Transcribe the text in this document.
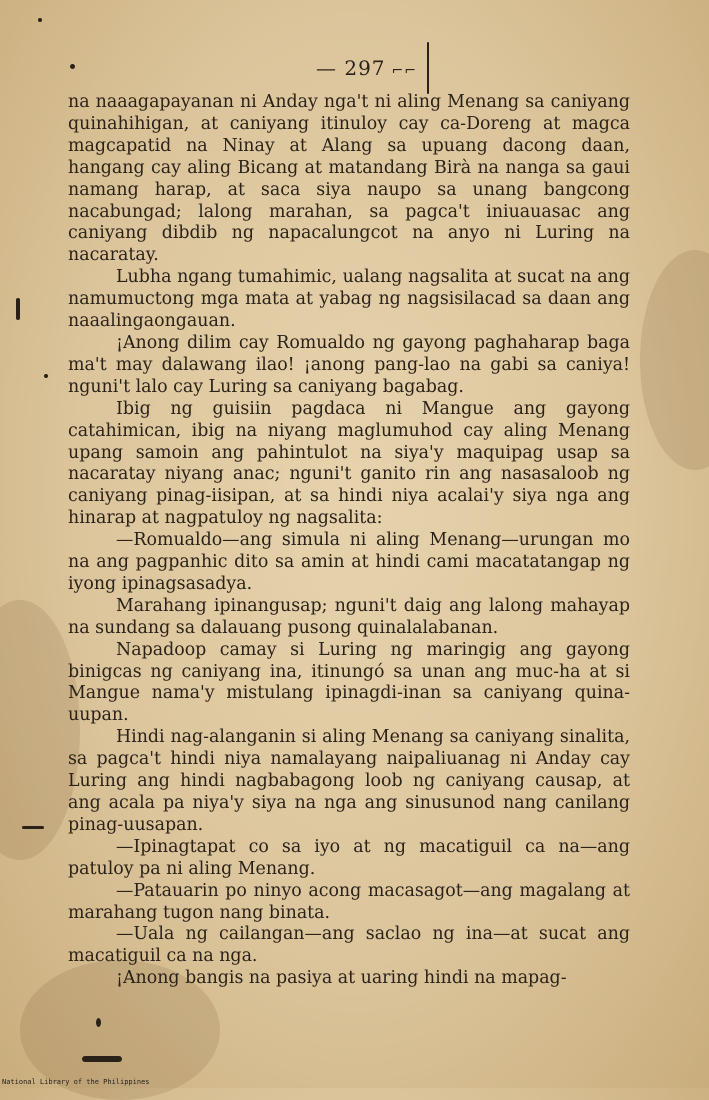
— 297 ⌐⌐

na naaagapayanan ni Anday nga't ni aling Menang sa caniyang quinahihigan, at caniyang itinuloy cay ca-Doreng at magca magcapatid na Ninay at Alang sa upuang dacong daan, hangang cay aling Bicang at matandang Birà na nanga sa gaui namang harap, at saca siya naupo sa unang bangcong nacabungad; lalong marahan, sa pagca't iniuauasac ang caniyang dibdib ng napacalungcot na anyo ni Luring na nacaratay.

Lubha ngang tumahimic, ualang nagsalita at sucat na ang namumuctong mga mata at yabag ng nagsisilacad sa daan ang naaalingaongauan.

¡Anong dilim cay Romualdo ng gayong paghaharap baga ma't may dalawang ilao! ¡anong pang-lao na gabi sa caniya! nguni't lalo cay Luring sa caniyang bagabag.

Ibig ng guisiin pagdaca ni Mangue ang gayong catahimican, ibig na niyang maglumuhod cay aling Menang upang samoin ang pahintulot na siya'y maquipag usap sa nacaratay niyang anac; nguni't ganito rin ang nasasaloob ng caniyang pinag-iisipan, at sa hindi niya acalai'y siya nga ang hinarap at nagpatuloy ng nagsalita:

—Romualdo—ang simula ni aling Menang—urungan mo na ang pagpanhic dito sa amin at hindi cami macatatangap ng iyong ipinagsasadya.

Marahang ipinangusap; nguni't daig ang lalong mahayap na sundang sa dalauang pusong quinalalabanan.

Napadoop camay si Luring ng maringig ang gayong binigcas ng caniyang ina, itinungó sa unan ang muc-ha at si Mangue nama'y mistulang ipinagdi-inan sa caniyang quina-uupan.

Hindi nag-alanganin si aling Menang sa caniyang sinalita, sa pagca't hindi niya namalayang naipaliuanag ni Anday cay Luring ang hindi nagbabagong loob ng caniyang causap, at ang acala pa niya'y siya na nga ang sinusunod nang canilang pinag-uusapan.

—Ipinagtapat co sa iyo at ng macatiguil ca na—ang patuloy pa ni aling Menang.

—Patauarin po ninyo acong macasagot—ang magalang at marahang tugon nang binata.

—Uala ng cailangan—ang saclao ng ina—at sucat ang macatiguil ca na nga.

¡Anong bangis na pasiya at uaring hindi na mapag-

National Library of the Philippines
